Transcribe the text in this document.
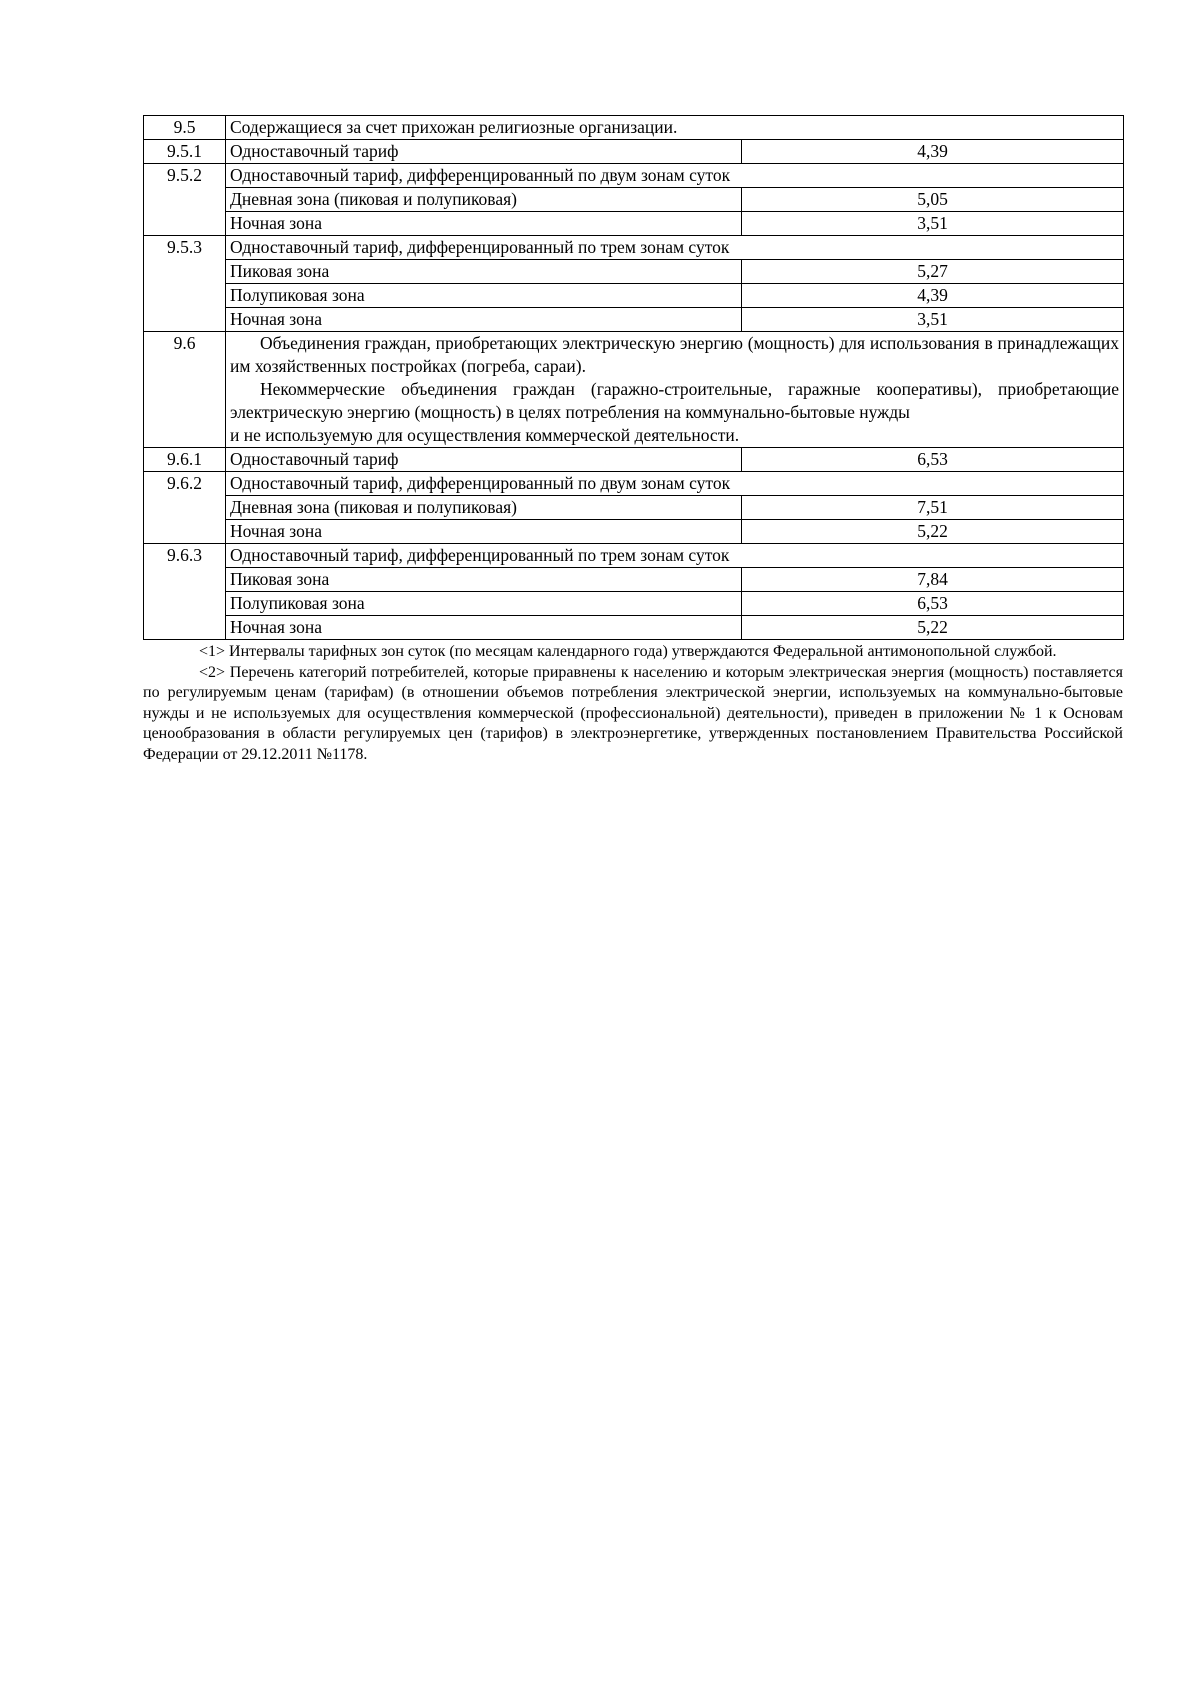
9.5	Содержащиеся за счет прихожан религиозные организации.	
9.5.1	Одноставочный тариф	4,39
9.5.2	Одноставочный тариф, дифференцированный по двум зонам суток	
	Дневная зона (пиковая и полупиковая)	5,05
	Ночная зона	3,51
9.5.3	Одноставочный тариф, дифференцированный по трем зонам суток	
	Пиковая зона	5,27
	Полупиковая зона	4,39
	Ночная зона	3,51
9.6	Объединения граждан, приобретающих электрическую энергию (мощность) для использования в принадлежащих им хозяйственных постройках (погреба, сараи).
Некоммерческие объединения граждан (гаражно-строительные, гаражные кооперативы), приобретающие электрическую энергию (мощность) в целях потребления на коммунально-бытовые нужды
и не используемую для осуществления коммерческой деятельности.	

9.6.1	Одноставочный тариф	6,53
9.6.2	Одноставочный тариф, дифференцированный по двум зонам суток	
	Дневная зона (пиковая и полупиковая)	7,51
	Ночная зона	5,22
9.6.3	Одноставочный тариф, дифференцированный по трем зонам суток	
	Пиковая зона	7,84
	Полупиковая зона	6,53
	Ночная зона	5,22

<1> Интервалы тарифных зон суток (по месяцам календарного года) утверждаются Федеральной антимонопольной службой.

<2> Перечень категорий потребителей, которые приравнены к населению и которым электрическая энергия (мощность) поставляется по регулируемым ценам (тарифам) (в отношении объемов потребления электрической энергии, используемых на коммунально-бытовые нужды и не используемых для осуществления коммерческой (профессиональной) деятельности), приведен в приложении № 1 к Основам ценообразования в области регулируемых цен (тарифов) в электроэнергетике, утвержденных постановлением Правительства Российской Федерации от 29.12.2011 №1178.
